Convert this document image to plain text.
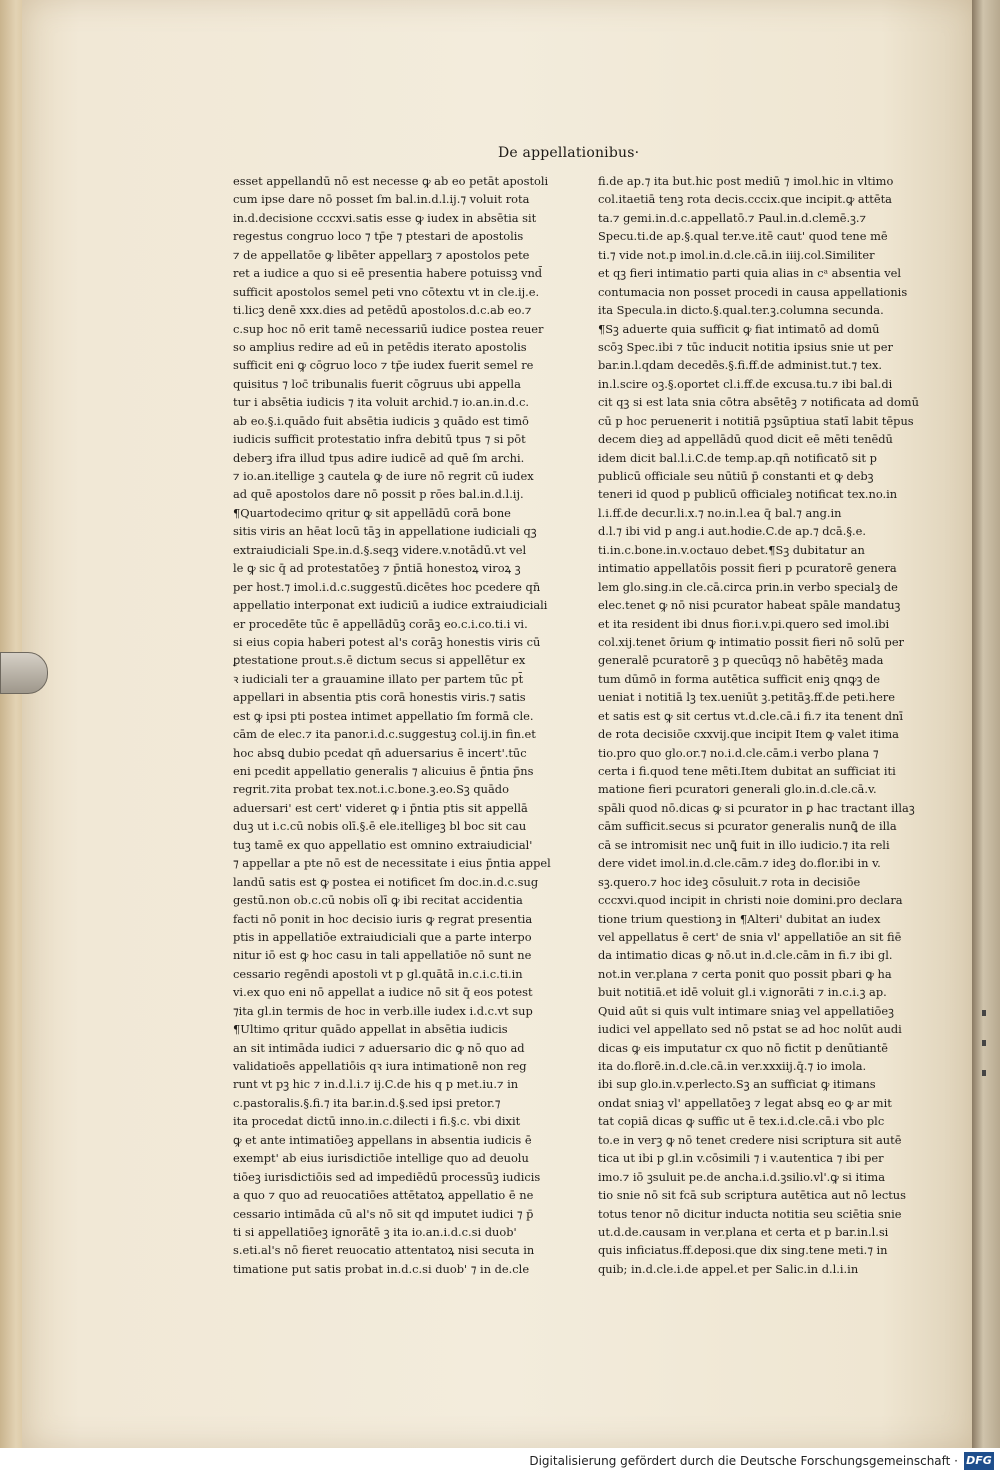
De appellationibus·
esset appellandū nō est necesse ꝙ ab eo petāt apostoli
cum ipse dare nō posset ſm bal.in.d.l.ij.⁊ voluit rota
in.d.decisione cccxvi.satis esse ꝙ iudex in absētia sit
regestus congruo loco ⁊ tp̄e ⁊ ptestari de apostolis
⁊ de appellatōe ꝙ libēter appellarꝫ ⁊ apostolos pete
ret a iudice a quo si eē presentia habere potuissꝫ vnd̄
sufficit apostolos semel peti vno cōtextu vt in cle.ij.e.
ti.licꝫ denē xxx.dies ad petēdū apostolos.d.c.ab eo.⁊
c.sup hoc nō erit tamē necessariū iudice postea reuer
so amplius redire ad eū in petēdis iterato apostolis
sufficit eni ꝙ cōgruo loco ⁊ tp̄e iudex fuerit semel re
quisitus ⁊ loc̄ tribunalis fuerit cōgruus ubi appella
tur i absētia iudicis ⁊ ita voluit archid.⁊ io.an.in.d.c.
ab eo.§.i.quādo fuit absētia iudicis ꝫ quādo est timō
iudicis sufficit protestatio infra debitū tpus ⁊ si pōt
deberꝫ ifra illud tpus adire iudicē ad quē ſm archi.
⁊ io.an.itellige ꝫ cautela ꝙ de iure nō regrit cū iudex
ad quē apostolos dare nō possit p rōes bal.in.d.l.ij.
¶Quartodecimo qritur ꝙ sit appellādū corā bone
sitis viris an hēat locū tāꝫ in appellatione iudiciali qꝫ
extraiudiciali Spe.in.d.§.seqꝫ videre.v.notādū.vt vel
le ꝙ sic q̄ ad protestatōeꝫ ⁊ p̄ntiā honestoꝝ viroꝝ ꝫ
per host.⁊ imol.i.d.c.suggestū.dicētes hoc pcedere qn̄
appellatio interponat ext iudiciū a iudice extraiudiciali
er procedēte tūc ē appellādūꝫ corāꝫ eo.c.i.co.ti.i vi.
si eius copia haberi potest al's corāꝫ honestis viris cū
ꝑtestatione prout.s.ē dictum secus si appellētur ex
ꝛ iudiciali ter a grauamine illato per partem tūc pt̄
appellari in absentia ptis corā honestis viris.⁊ satis
est ꝙ ipsi pti postea intimet appellatio ſm formā cle.
cām de elec.⁊ ita panor.i.d.c.suggestuꝫ col.ij.in fin.et
hoc absꝗ dubio pcedat qn̄ aduersarius ē incert'.tūc
eni pcedit appellatio generalis ⁊ alicuius ē p̄ntia p̄ns
regrit.⁊ita probat tex.not.i.c.bone.ꝫ.eo.Sꝫ quādo
aduersari' est cert' videret ꝙ i p̄ntia ptis sit appellā
duꝫ ut i.c.cū nobis olī.§.ē ele.itelligeꝫ bl boc sit cau
tuꝫ tamē ex quo appellatio est omnino extraiudicial'
⁊ appellar a pte nō est de necessitate i eius p̄ntia appel
landū satis est ꝙ postea ei notificet ſm doc.in.d.c.sug
gestū.non ob.c.cū nobis olī ꝙ ibi recitat accidentia
facti nō ponit in hoc decisio iuris ꝙ regrat presentia
ptis in appellatiōe extraiudiciali que a parte interpo
nitur iō est ꝙ hoc casu in tali appellatiōe nō sunt ne
cessario regēndi apostoli vt p gl.quātā in.c.i.c.ti.in
vi.ex quo eni nō appellat a iudice nō sit q̄ eos potest
⁊ita gl.in termis de hoc in verb.ille iudex i.d.c.vt sup
¶Ultimo qritur quādo appellat in absētia iudicis
an sit intimāda iudici ⁊ aduersario dic ꝙ nō quo ad
validatioēs appellatiōis qꝛ iura intimationē non reg
runt vt pꝫ hic ⁊ in.d.l.i.⁊ ij.C.de his q p met.iu.⁊ in
c.pastoralis.§.fi.⁊ ita bar.in.d.§.sed ipsi pretor.⁊
ita procedat dictū inno.in.c.dilecti i fi.§.c. vbi dixit
ꝙ et ante intimatiōeꝫ appellans in absentia iudicis ē
exempt' ab eius iurisdictiōe intellige quo ad deuolu
tiōeꝫ iurisdictiōis sed ad impediēdū processūꝫ iudicis
a quo ⁊ quo ad reuocatiōes attētatoꝝ appellatio ē ne
cessario intimāda cū al's nō sit qd imputet iudici ⁊ p̄
ti si appellatiōeꝫ ignorātē ꝫ ita io.an.i.d.c.si duob'
s.eti.al's nō fieret reuocatio attentatoꝝ nisi secuta in
timatione put satis probat in.d.c.si duob' ⁊ in de.cle
fi.de ap.⁊ ita but.hic post mediū ⁊ imol.hic in vltimo
col.itaetiā tenꝫ rota decis.cccix.que incipit.ꝙ attēta
ta.⁊ gemi.in.d.c.appellatō.⁊ Paul.in.d.clemē.ꝫ.⁊
Specu.ti.de ap.§.qual ter.ve.itē caut' quod tene mē
ti.⁊ vide not.p imol.in.d.cle.cā.in iiij.col.Similiter
et qꝫ fieri intimatio parti quia alias in cᵃ absentia vel
contumacia non posset procedi in causa appellationis
ita Specula.in dicto.§.qual.ter.ꝫ.columna secunda.
¶Sꝫ aduerte quia sufficit ꝙ fiat intimatō ad domū
scōꝫ Spec.ibi ⁊ tūc inducit notitia ipsius snie ut per
bar.in.l.qdam decedēs.§.fi.ff.de administ.tut.⁊ tex.
in.l.scire oꝫ.§.oportet cl.i.ff.de excusa.tu.⁊ ibi bal.di
cit qꝫ si est lata snia cōtra absētēꝫ ⁊ notificata ad domū
cū p hoc peruenerit i notitiā pꝫsūptiua statī labit tēpus
decem dieꝫ ad appellādū quod dicit eē mēti tenēdū
idem dicit bal.l.i.C.de temp.ap.qn̄ notificatō sit p
publicū officiale seu nūtiū p̄ constanti et ꝙ debꝫ
teneri id quod p publicū officialeꝫ notificat tex.no.in
l.i.ff.de decur.li.x.⁊ no.in.l.ea q̄ bal.⁊ ang.in
d.l.⁊ ibi vid p ang.i aut.hodie.C.de ap.⁊ dcā.§.e.
ti.in.c.bone.in.v.octauo debet.¶Sꝫ dubitatur an
intimatio appellatōis possit fieri p pcuratorē genera
lem glo.sing.in cle.cā.circa prin.in verbo specialꝫ de
elec.tenet ꝙ nō nisi pcurator habeat spāle mandatuꝫ
et ita resident ibi dnus fior.i.v.pi.quero sed imol.ibi
col.xij.tenet ōrium ꝙ intimatio possit fieri nō solū per
generalē pcuratorē ꝫ p quecūqꝫ nō habētēꝫ mada
tum dūmō in forma autētica sufficit eniꝫ qnꝙꝫ de
ueniat i notitiā lꝫ tex.ueniūt ꝫ.petitāꝫ.ff.de peti.here
et satis est ꝙ sit certus vt.d.cle.cā.i fi.⁊ ita tenent dnī
de rota decisiōe cxxvij.que incipit Item ꝙ valet itima
tio.pro quo glo.or.⁊ no.i.d.cle.cām.i verbo plana ⁊
certa i fi.quod tene mēti.Item dubitat an sufficiat iti
matione fieri pcuratori generali glo.in.d.cle.cā.v.
spāli quod nō.dicas ꝙ si pcurator in ꝑ hac tractant illaꝫ
cām sufficit.secus si pcurator generalis nunꝗ̄ de illa
cā se intromisit nec unꝗ̄ fuit in illo iudicio.⁊ ita reli
dere videt imol.in.d.cle.cām.⁊ ideꝫ do.flor.ibi in v.
sꝫ.quero.⁊ hoc ideꝫ cōsuluit.⁊ rota in decisiōe
cccxvi.quod incipit in christi noie domini.pro declara
tione trium questionꝫ in ¶Alteri' dubitat an iudex
vel appellatus ē cert' de snia vl' appellatiōe an sit fiē
da intimatio dicas ꝙ nō.ut in.d.cle.cām in fi.⁊ ibi gl.
not.in ver.plana ⁊ certa ponit quo possit pbari ꝙ ha
buit notitiā.et idē voluit gl.i v.ignorāti ⁊ in.c.i.ꝫ ap.
Quid aūt si quis vult intimare sniaꝫ vel appellatiōeꝫ
iudici vel appellato sed nō pstat se ad hoc nolūt audi
dicas ꝙ eis imputatur cx quo nō fictit p denūtiantē
ita do.florē.in.d.cle.cā.in ver.xxxiij.q̄.⁊ io imola.
ibi sup glo.in.v.perlecto.Sꝫ an sufficiat ꝙ itimans
ondat sniaꝫ vl' appellatōeꝫ ⁊ legat absꝗ eo ꝙ ar mit
tat copiā dicas ꝙ suffic ut ē tex.i.d.cle.cā.i vbo plc
to.e in verꝫ ꝙ nō tenet credere nisi scriptura sit autē
tica ut ibi p gl.in v.cōsimili ⁊ i v.autentica ⁊ ibi per
imo.⁊ iō ꝫsuluit pe.de ancha.i.d.ꝫsilio.vl'.ꝙ si itima
tio snie nō sit fcā sub scriptura autētica aut nō lectus
totus tenor nō dicitur inducta notitia seu sciētia snie
ut.d.de.causam in ver.plana et certa et p bar.in.l.si
quis inficiatus.ff.deposi.que dix sing.tene meti.⁊ in
quib; in.d.cle.i.de appel.et per Salic.in d.l.i.in
Digitalisierung gefördert durch die Deutsche Forschungsgemeinschaft · DFG
